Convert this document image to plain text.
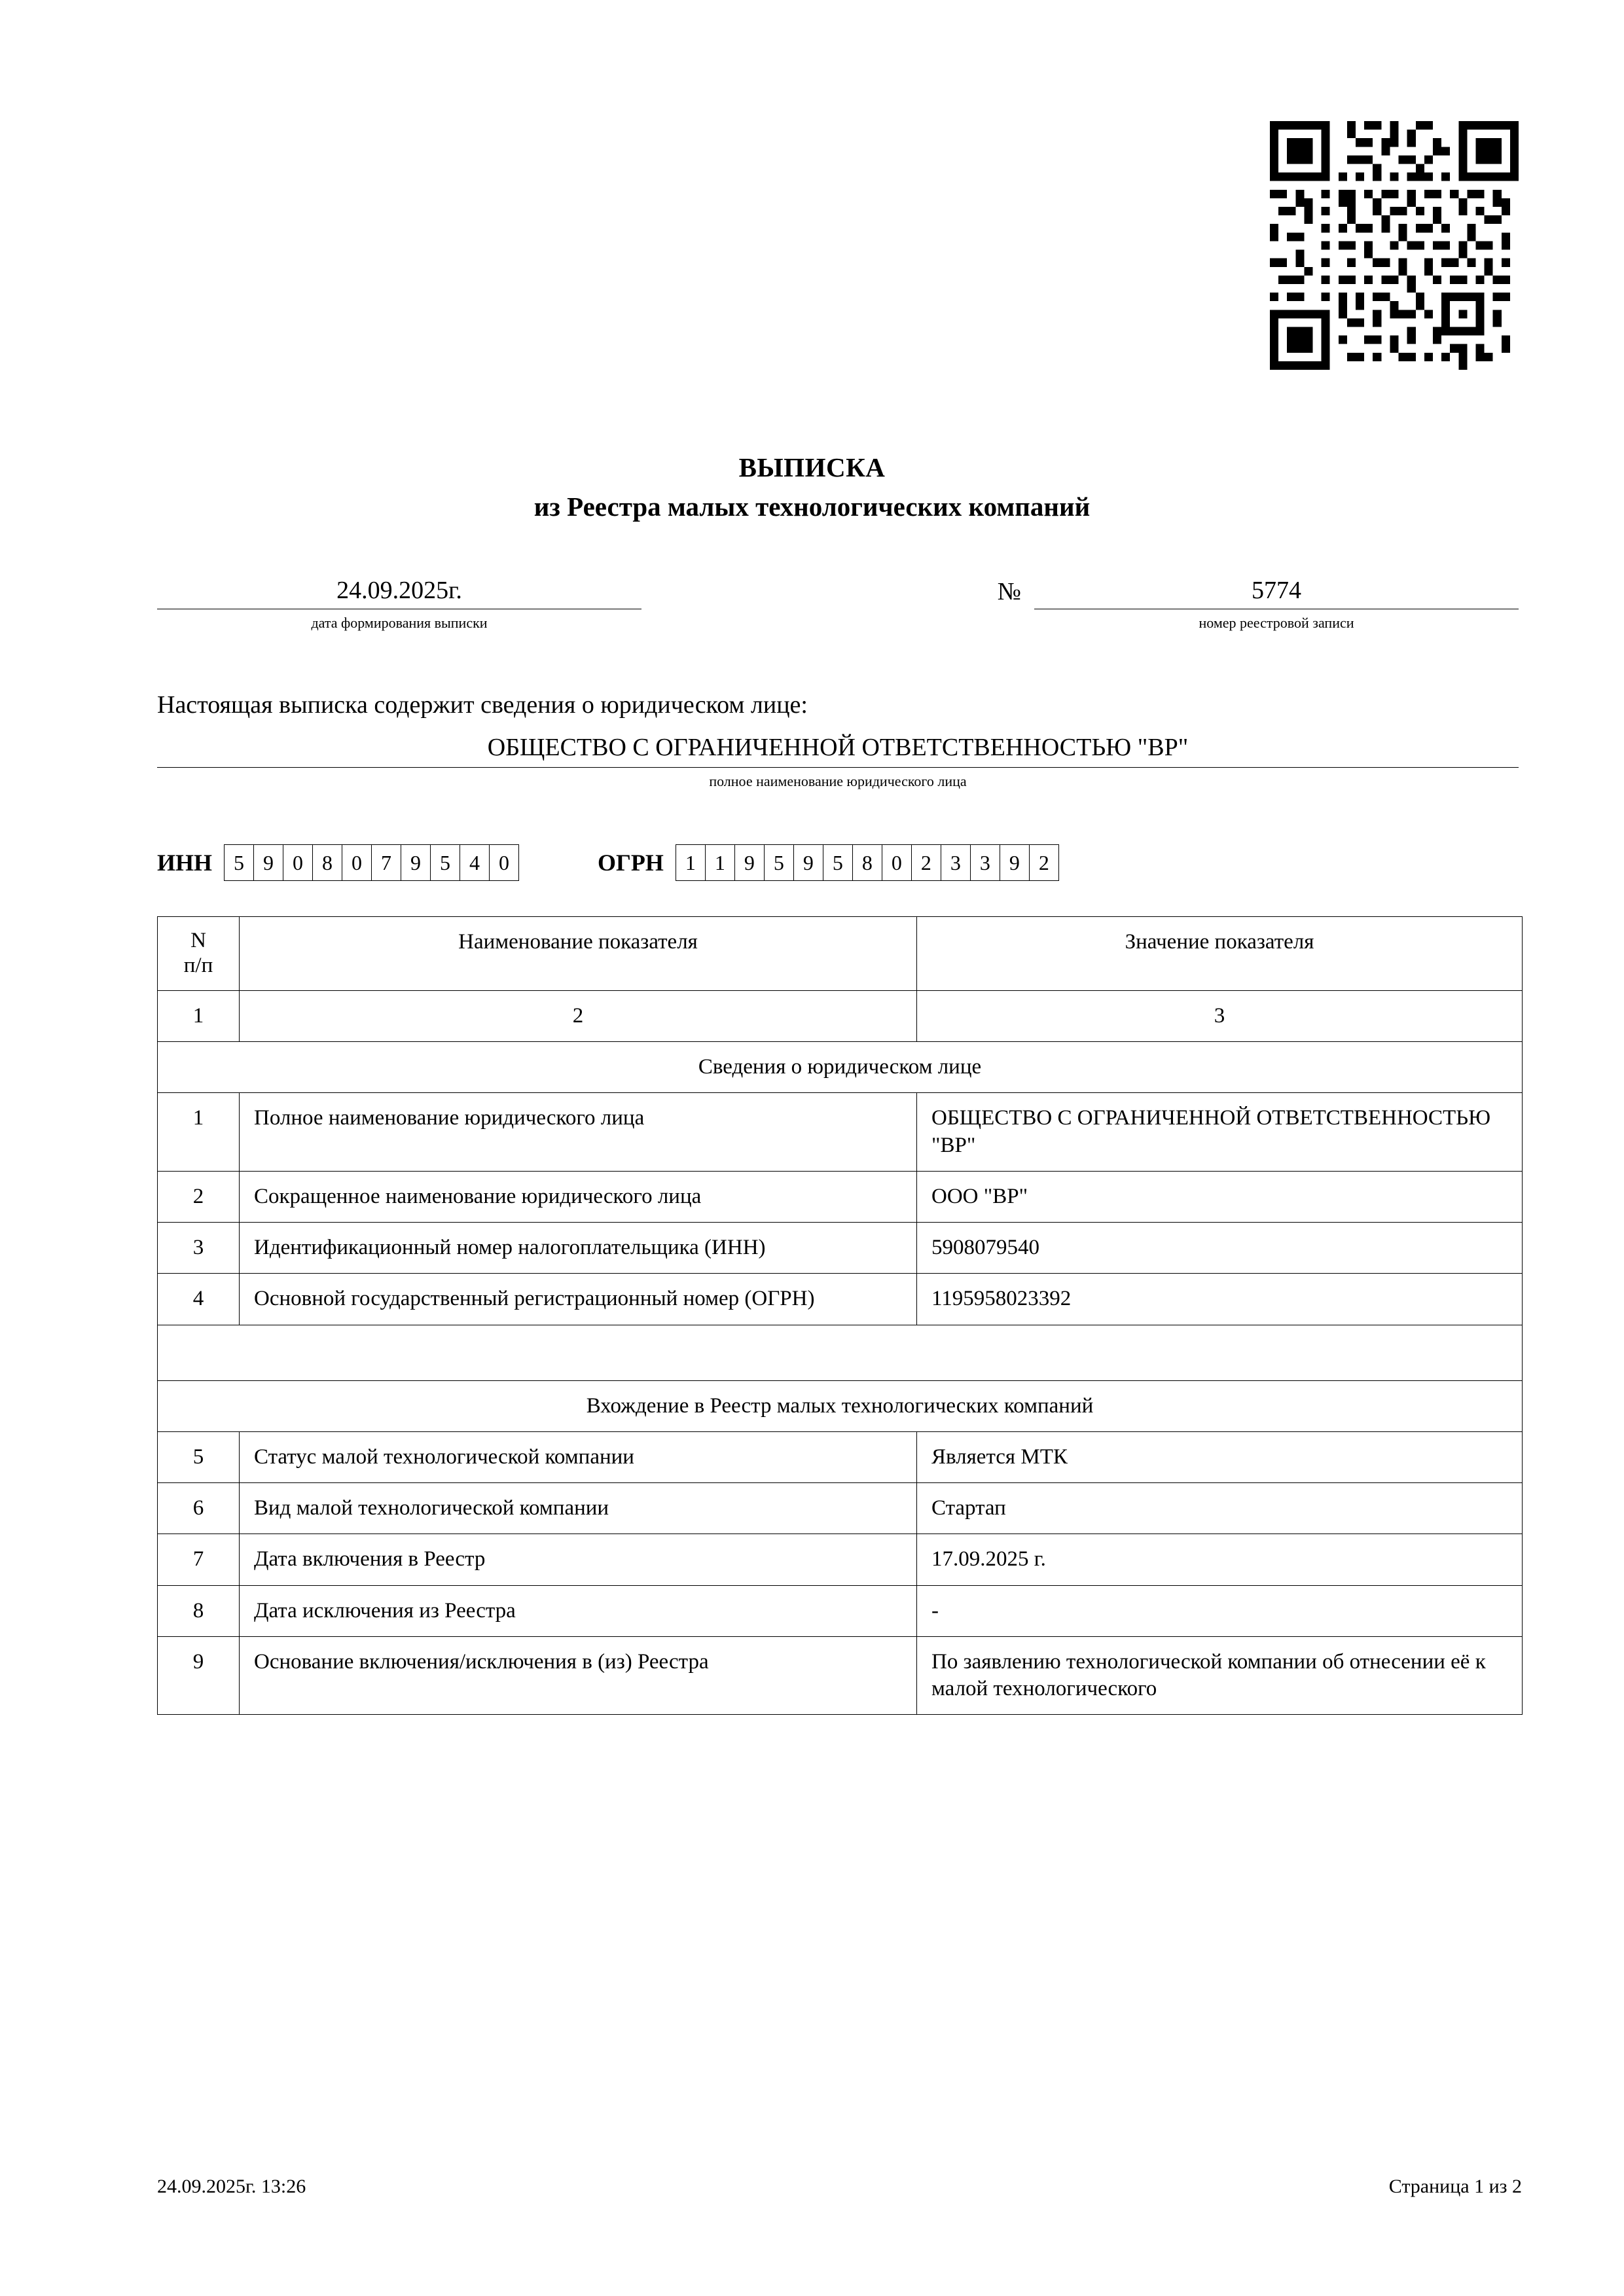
ВЫПИСКА
из Реестра малых технологических компаний
24.09.2025г.
дата формирования выписки
№	5774
номер реестровой записи
Настоящая выписка содержит сведения о юридическом лице:
ОБЩЕСТВО С ОГРАНИЧЕННОЙ ОТВЕТСТВЕННОСТЬЮ "ВР"
полное наименование юридического лица
ИНН	5 9 0 8 0 7 9 5 4 0	ОГРН	1 1 9 5 9 5 8 0 2 3 3 9 2
N
п/п	Наименование показателя	Значение показателя
1	2	3
Сведения о юридическом лице		
1	Полное наименование юридического лица	ОБЩЕСТВО С ОГРАНИЧЕННОЙ ОТВЕТСТВЕННОСТЬЮ "ВР"
2	Сокращенное наименование юридического лица	ООО "ВР"
3	Идентификационный номер налогоплательщика (ИНН)	5908079540
4	Основной государственный регистрационный номер (ОГРН)	1195958023392

Вхождение в Реестр малых технологических компаний		
5	Статус малой технологической компании	Является МТК
6	Вид малой технологической компании	Стартап
7	Дата включения в Реестр	17.09.2025 г.
8	Дата исключения из Реестра	-
9	Основание включения/исключения в (из) Реестра	По заявлению технологической компании об отнесении её к малой технологического
24.09.2025г. 13:26	Страница 1 из 2
